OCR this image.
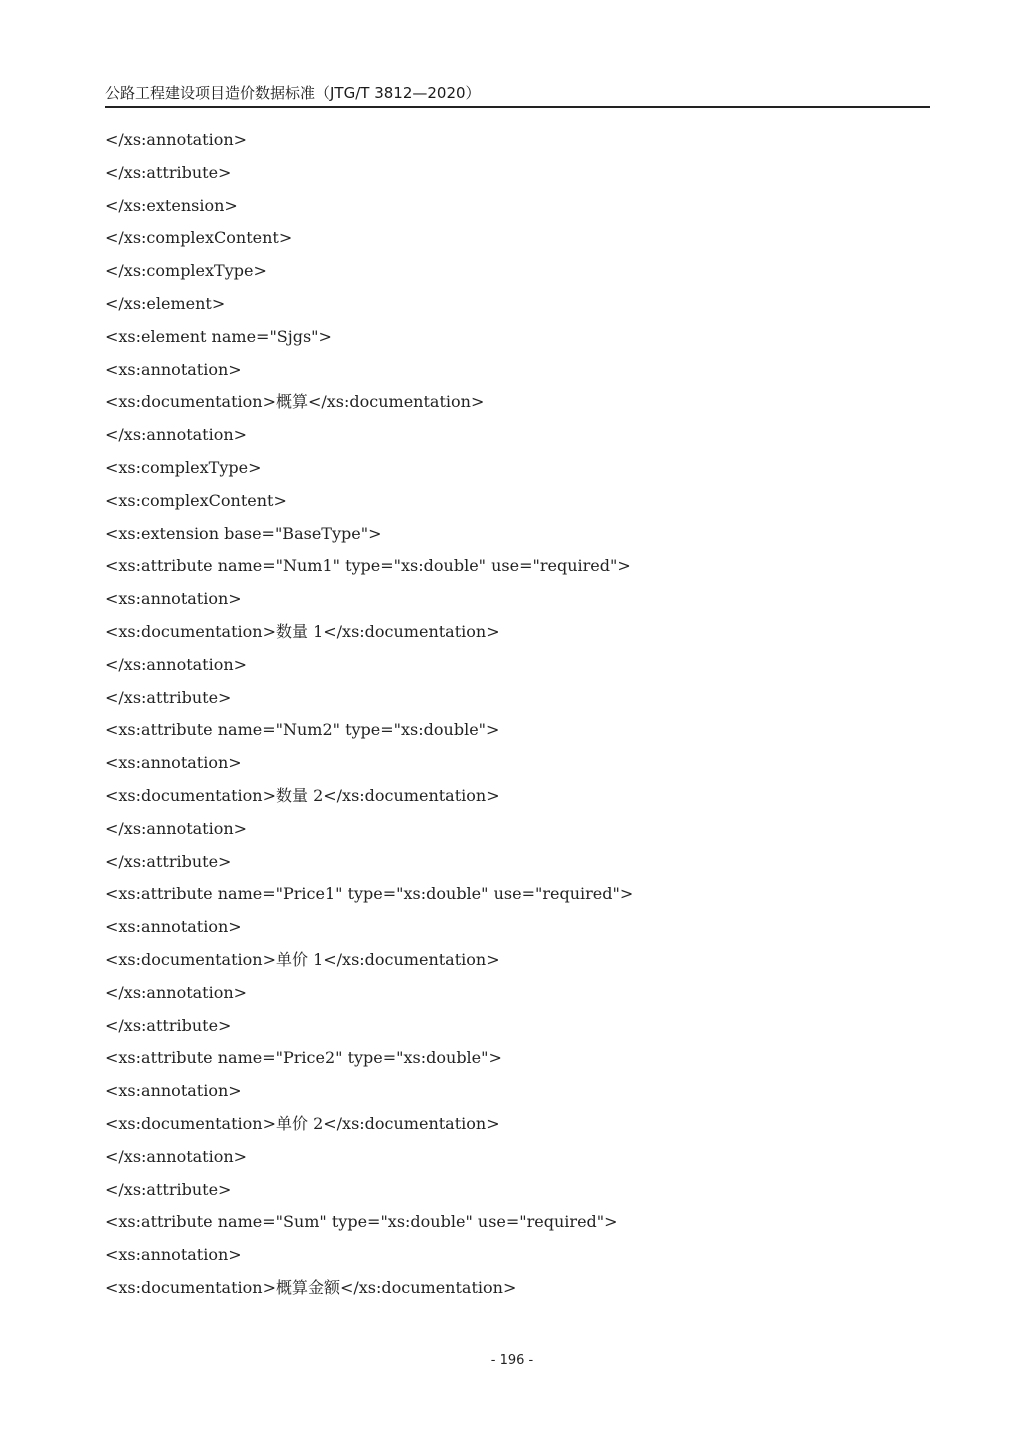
公路工程建设项目造价数据标准（JTG/T 3812—2020）
</xs:annotation>
</xs:attribute>
</xs:extension>
</xs:complexContent>
</xs:complexType>
</xs:element>
<xs:element name="Sjgs">
<xs:annotation>
<xs:documentation>概算</xs:documentation>
</xs:annotation>
<xs:complexType>
<xs:complexContent>
<xs:extension base="BaseType">
<xs:attribute name="Num1" type="xs:double" use="required">
<xs:annotation>
<xs:documentation>数量 1</xs:documentation>
</xs:annotation>
</xs:attribute>
<xs:attribute name="Num2" type="xs:double">
<xs:annotation>
<xs:documentation>数量 2</xs:documentation>
</xs:annotation>
</xs:attribute>
<xs:attribute name="Price1" type="xs:double" use="required">
<xs:annotation>
<xs:documentation>单价 1</xs:documentation>
</xs:annotation>
</xs:attribute>
<xs:attribute name="Price2" type="xs:double">
<xs:annotation>
<xs:documentation>单价 2</xs:documentation>
</xs:annotation>
</xs:attribute>
<xs:attribute name="Sum" type="xs:double" use="required">
<xs:annotation>
<xs:documentation>概算金额</xs:documentation>
- 196 -
